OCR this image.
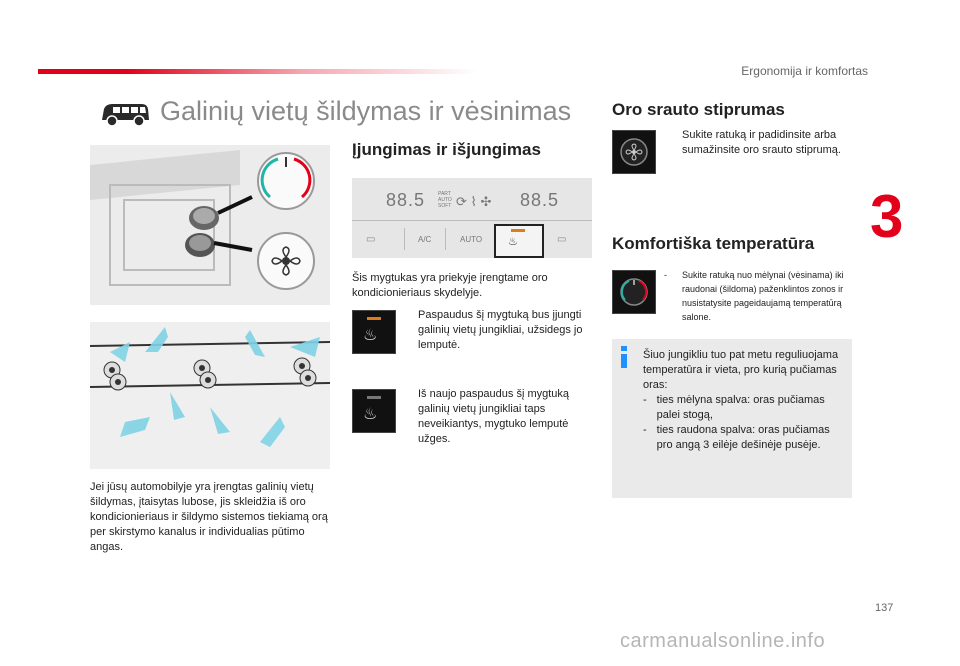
Ergonomija ir komfortas
Galinių vietų šildymas ir vėsinimas
Jei jūsų automobilyje yra įrengtas galinių vietų šildymas, įtaisytas lubose, jis skleidžia iš oro kondicionieriaus ir šildymo sistemos tiekiamą orą per skirstymo kanalus ir individualias pūtimo angas.
Įjungimas ir išjungimas
88.5	PART
AUTO
SOFT ⟳ ⌇ ✣ 88.5
▭	A/C	AUTO ♨	▭
Šis mygtukas yra priekyje įrengtame oro kondicionieriaus skydelyje.
♨
Paspaudus šį mygtuką bus įjungti galinių vietų jungikliai, užsidegs jo lemputė.
♨
Iš naujo paspaudus šį mygtuką galinių vietų jungikliai taps neveikiantys, mygtuko lemputė užges.
Oro srauto stiprumas
Sukite ratuką ir padidinsite arba sumažinsite oro srauto stiprumą.
3
Komfortiška temperatūra
-	Sukite ratuką nuo mėlynai (vėsinama) iki raudonai (šildoma) paženklintos zonos ir nusistatysite pageidaujamą temperatūrą salone.
Šiuo jungikliu tuo pat metu reguliuojama temperatūra ir vieta, pro kurią pučiamas oras:
- ties mėlyna spalva: oras pučiamas palei stogą,
- ties raudona spalva: oras pučiamas pro angą 3 eilėje dešinėje pusėje.
137
carmanualsonline.info
